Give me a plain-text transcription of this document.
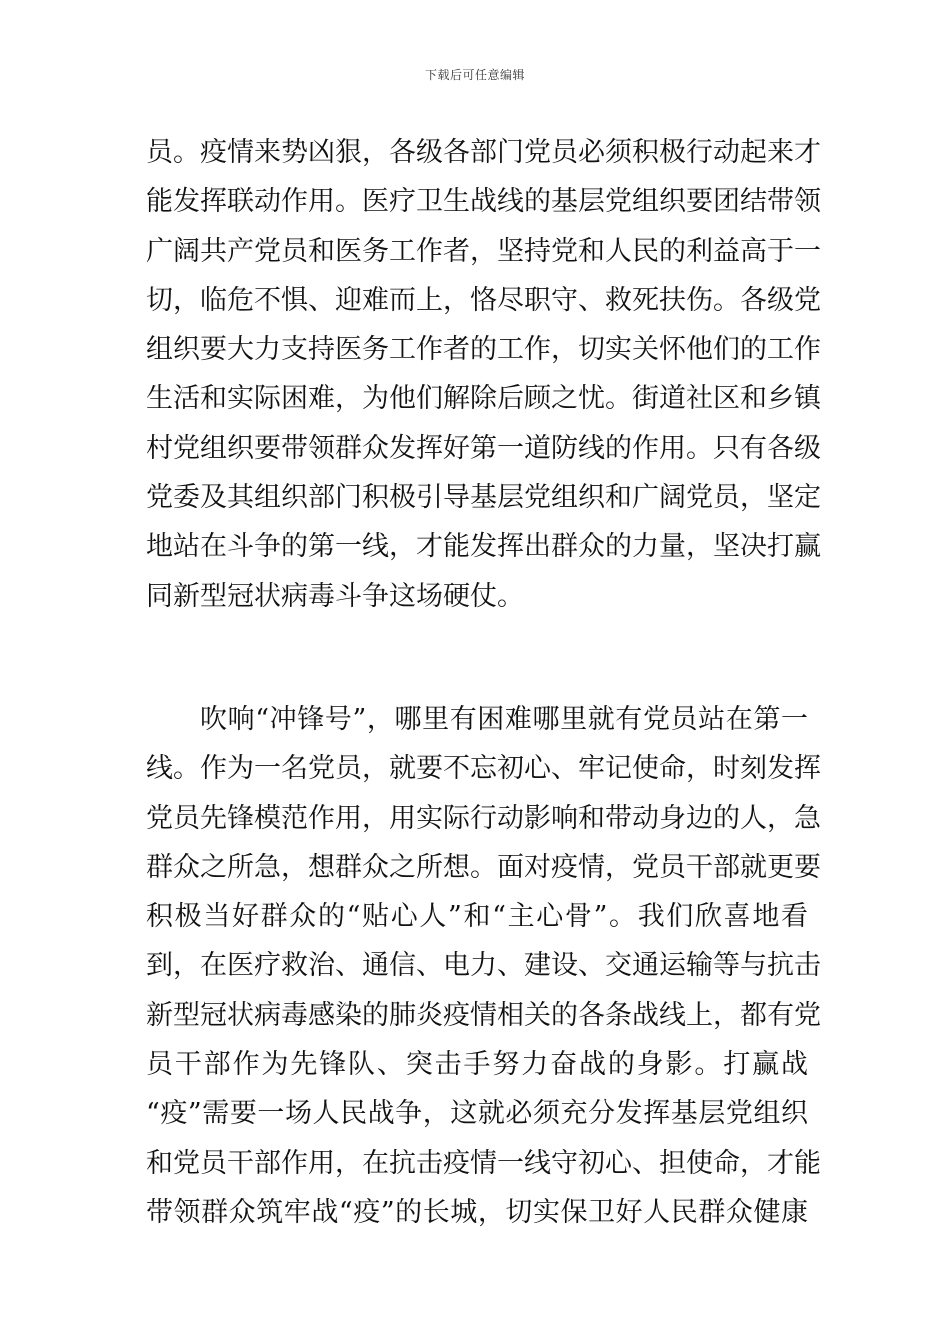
下载后可任意编辑
员。疫情来势凶狠，各级各部门党员必须积极行动起来才
能发挥联动作用。医疗卫生战线的基层党组织要团结带领
广阔共产党员和医务工作者，坚持党和人民的利益高于一
切，临危不惧、迎难而上，恪尽职守、救死扶伤。各级党
组织要大力支持医务工作者的工作，切实关怀他们的工作
生活和实际困难，为他们解除后顾之忧。街道社区和乡镇
村党组织要带领群众发挥好第一道防线的作用。只有各级
党委及其组织部门积极引导基层党组织和广阔党员，坚定
地站在斗争的第一线，才能发挥出群众的力量，坚决打赢
同新型冠状病毒斗争这场硬仗。
吹响“冲锋号”，哪里有困难哪里就有党员站在第一
线。作为一名党员，就要不忘初心、牢记使命，时刻发挥
党员先锋模范作用，用实际行动影响和带动身边的人，急
群众之所急，想群众之所想。面对疫情，党员干部就更要
积极当好群众的“贴心人”和“主心骨”。我们欣喜地看
到，在医疗救治、通信、电力、建设、交通运输等与抗击
新型冠状病毒感染的肺炎疫情相关的各条战线上，都有党
员干部作为先锋队、突击手努力奋战的身影。打赢战
“疫”需要一场人民战争，这就必须充分发挥基层党组织
和党员干部作用，在抗击疫情一线守初心、担使命，才能
带领群众筑牢战“疫”的长城，切实保卫好人民群众健康
